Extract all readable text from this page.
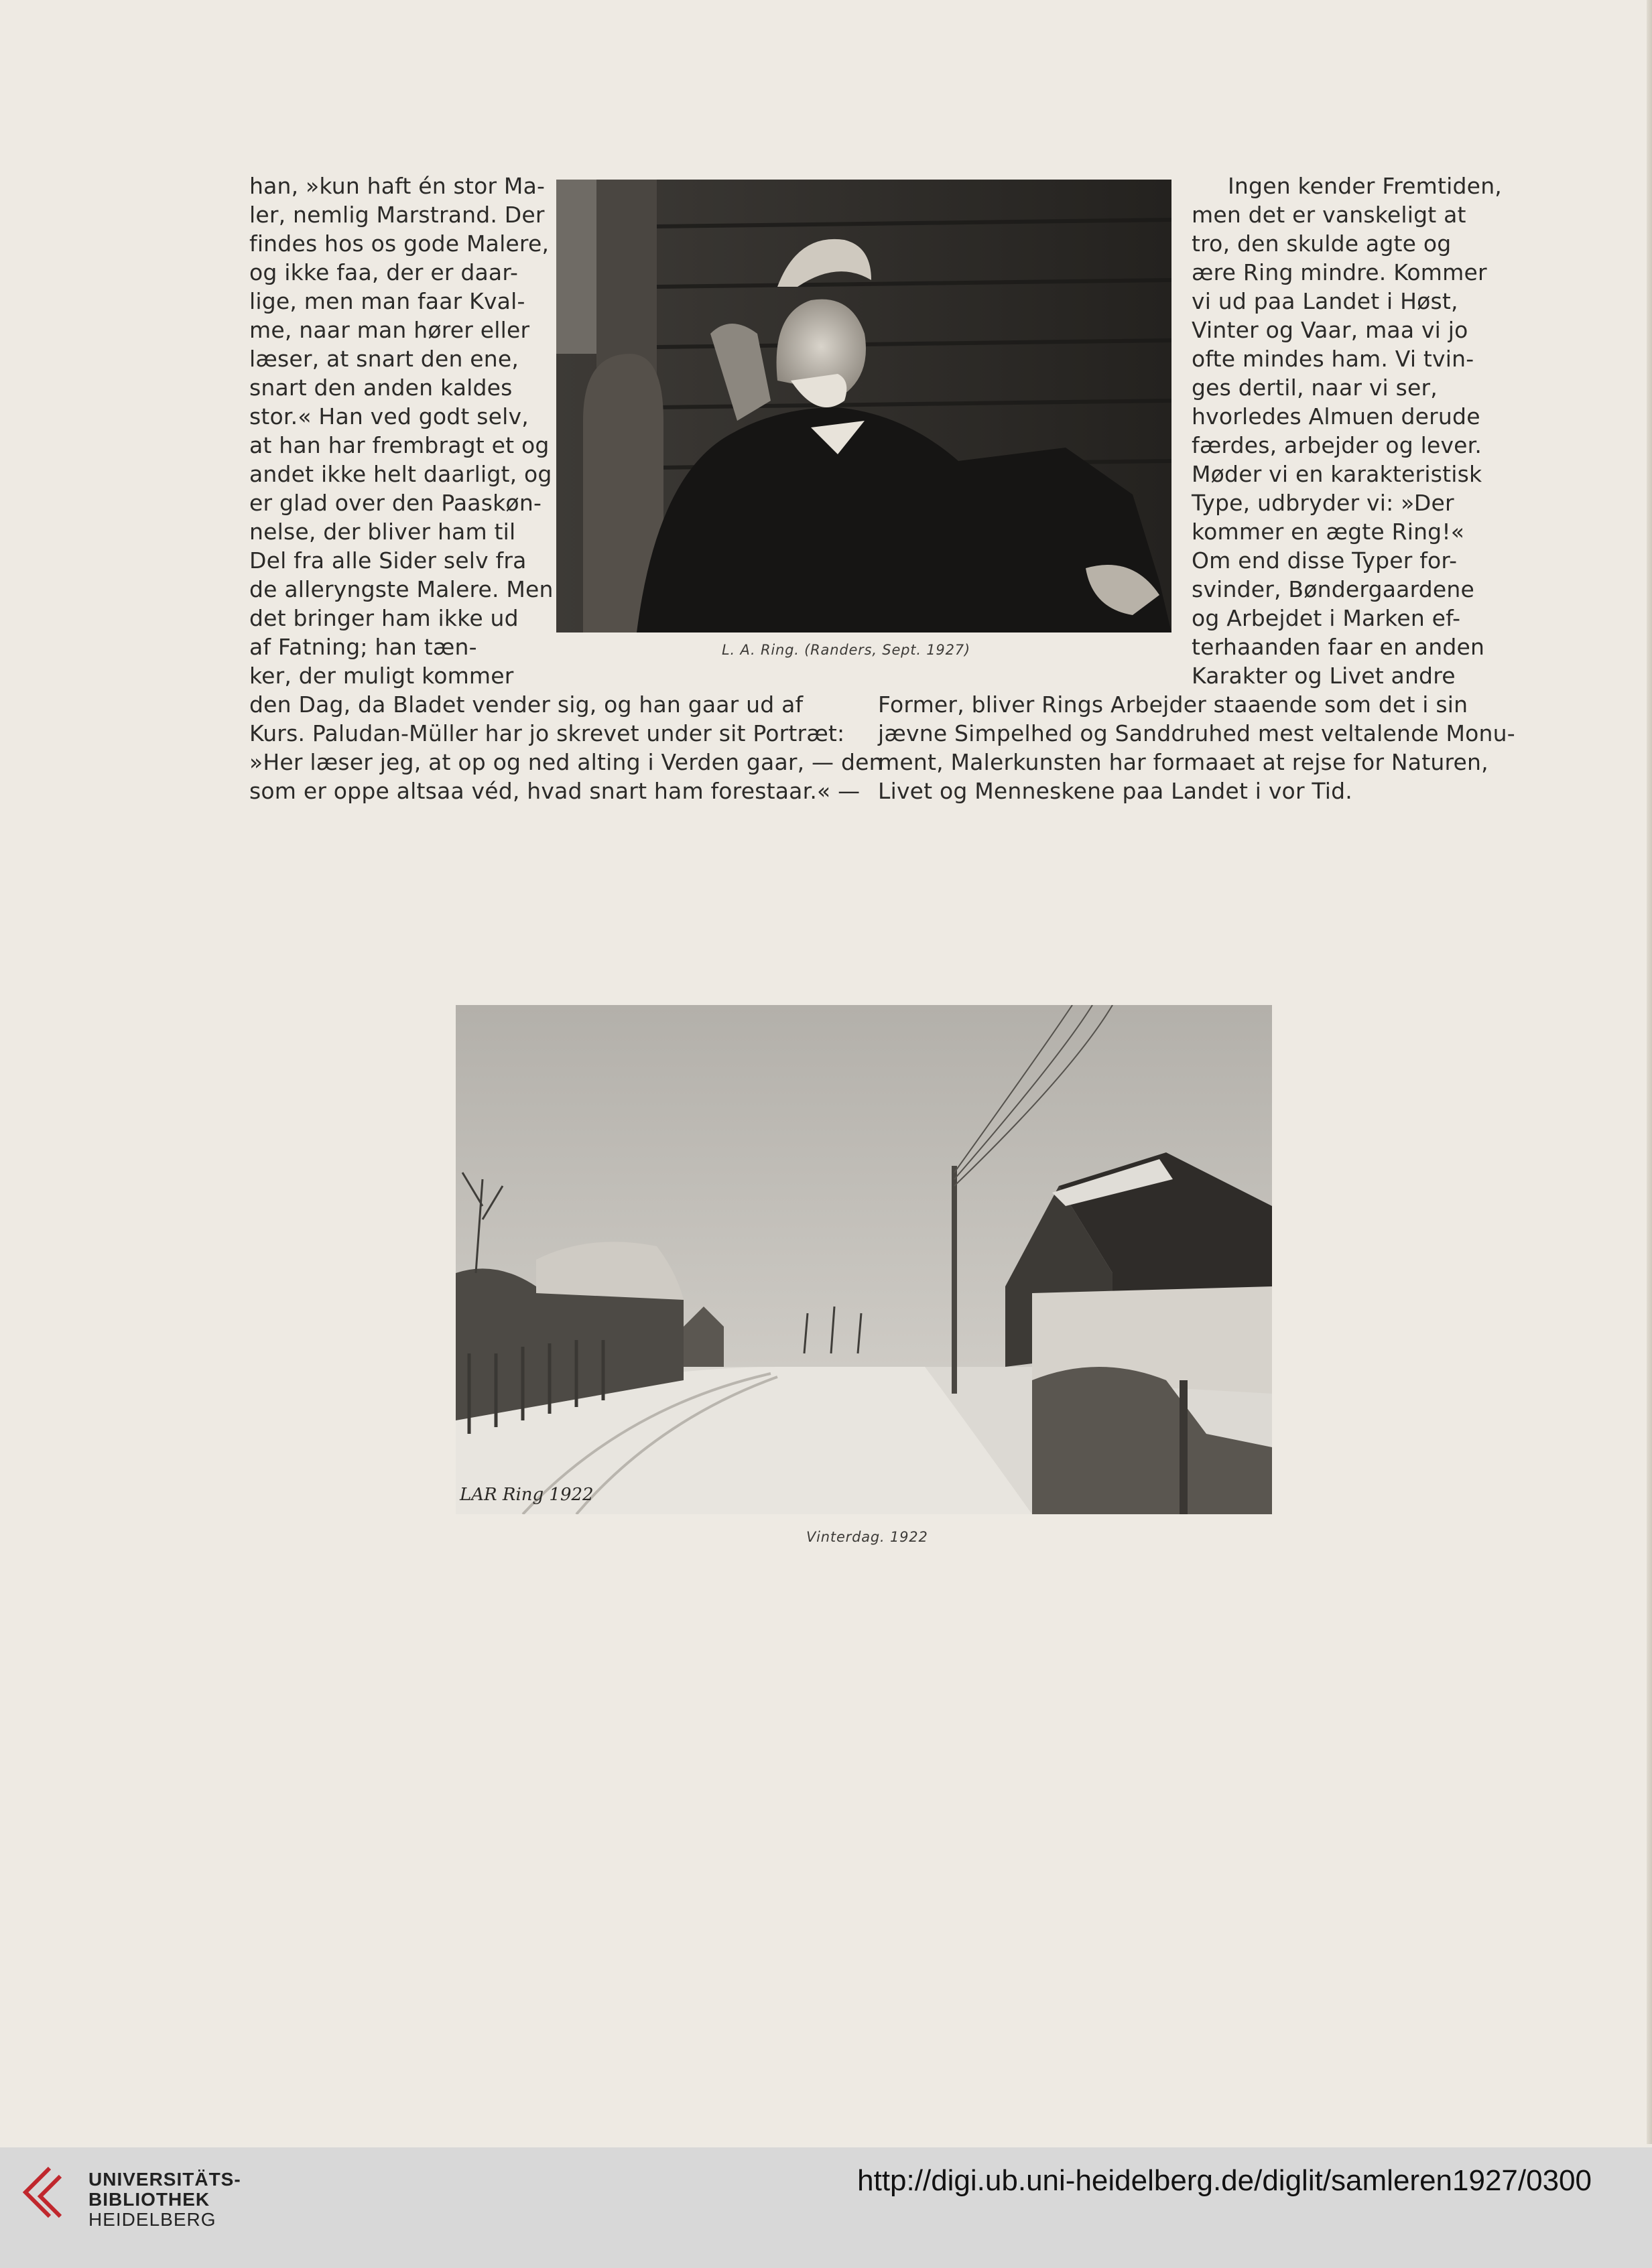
han, »kun haft én stor Ma-
ler, nemlig Marstrand. Der
findes hos os gode Malere,
og ikke faa, der er daar-
lige, men man faar Kval-
me, naar man hører eller
læser, at snart den ene,
snart den anden kaldes
stor.« Han ved godt selv,
at han har frembragt et og
andet ikke helt daarligt, og
er glad over den Paaskøn-
nelse, der bliver ham til
Del fra alle Sider selv fra
de alleryngste Malere. Men
det bringer ham ikke ud
af Fatning; han tæn-
ker, der muligt kommer
L. A. Ring. (Randers, Sept. 1927)
Ingen kender Fremtiden,
men det er vanskeligt at
tro, den skulde agte og
ære Ring mindre. Kommer
vi ud paa Landet i Høst,
Vinter og Vaar, maa vi jo
ofte mindes ham. Vi tvin-
ges dertil, naar vi ser,
hvorledes Almuen derude
færdes, arbejder og lever.
Møder vi en karakteristisk
Type, udbryder vi: »Der
kommer en ægte Ring!«
Om end disse Typer for-
svinder, Bøndergaardene
og Arbejdet i Marken ef-
terhaanden faar en anden
Karakter og Livet andre
den Dag, da Bladet vender sig, og han gaar ud af
Kurs. Paludan-Müller har jo skrevet under sit Portræt:
»Her læser jeg, at op og ned alting i Verden gaar, — den
som er oppe altsaa véd, hvad snart ham forestaar.« —
Former, bliver Rings Arbejder staaende som det i sin
jævne Simpelhed og Sanddruhed mest veltalende Monu-
ment, Malerkunsten har formaaet at rejse for Naturen,
Livet og Menneskene paa Landet i vor Tid.
LAR Ring 1922
Vinterdag. 1922
UNIVERSITÄTS-
BIBLIOTHEK
HEIDELBERG
http://digi.ub.uni-heidelberg.de/diglit/samleren1927/0300
